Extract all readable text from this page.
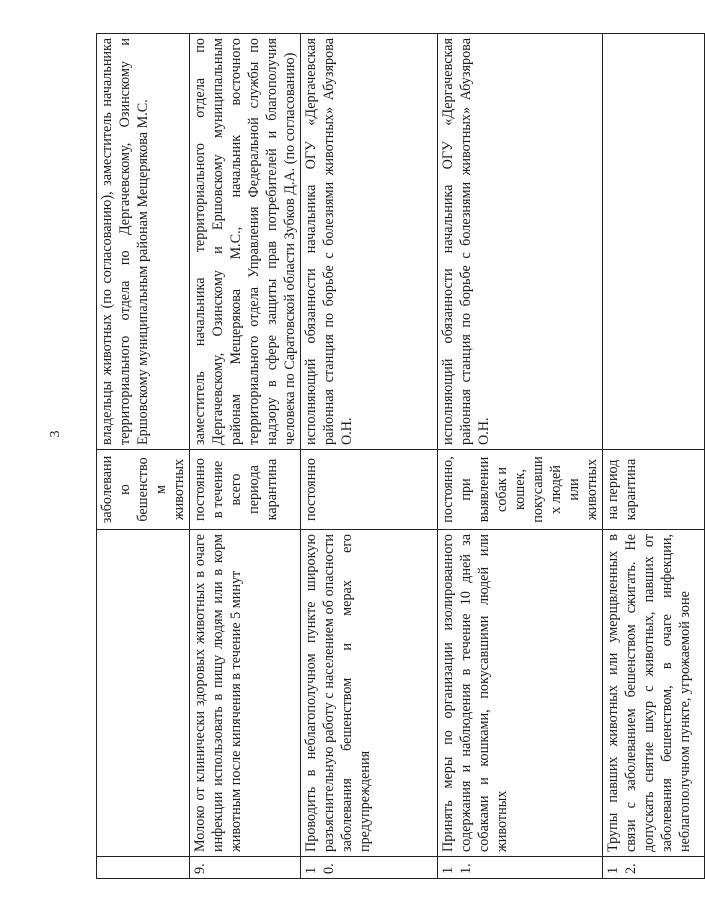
3
		заболеванию бешенством животных	владельцы животных (по согласованию), заместитель начальника территориального отдела по Дергачевскому, Озинскому и Ершовскому муниципальным районам Мещерякова М.С.
9.	Молоко от клинически здоровых животных в очаге инфекции использовать в пищу людям или в корм животным после кипячения в течение 5 минут	постоянно в течение всего периода карантина	заместитель начальника территориального отдела по Дергачевскому, Озинскому и Ершовскому муниципальным районам Мещерякова М.С., начальник восточного территориального отдела Управления Федеральной службы по надзору в сфере защиты прав потребителей и благополучия человека по Саратовской области Зубков Д.А. (по согласованию)
10.	Проводить в неблагополучном пункте широкую разъяснительную работу с населением об опасности заболевания бешенством и мерах его предупреждения	постоянно	исполняющий обязанности начальника ОГУ «Дергачевская районная станция по борьбе с болезнями животных» Абузярова О.Н.
11.	Принять меры по организации изолированного содержания и наблюдения в течение 10 дней за собаками и кошками, покусавшими людей или животных	постоянно, при выявлении собак и кошек, покусавших людей или животных	исполняющий обязанности начальника ОГУ «Дергачевская районная станция по борьбе с болезнями животных» Абузярова О.Н.
12.	Трупы павших животных или умерщвленных в связи с заболеванием бешенством сжигать. Не допускать снятие шкур с животных, павших от заболевания бешенством, в очаге инфекции, неблагополучном пункте, угрожаемой зоне	на период карантина	
